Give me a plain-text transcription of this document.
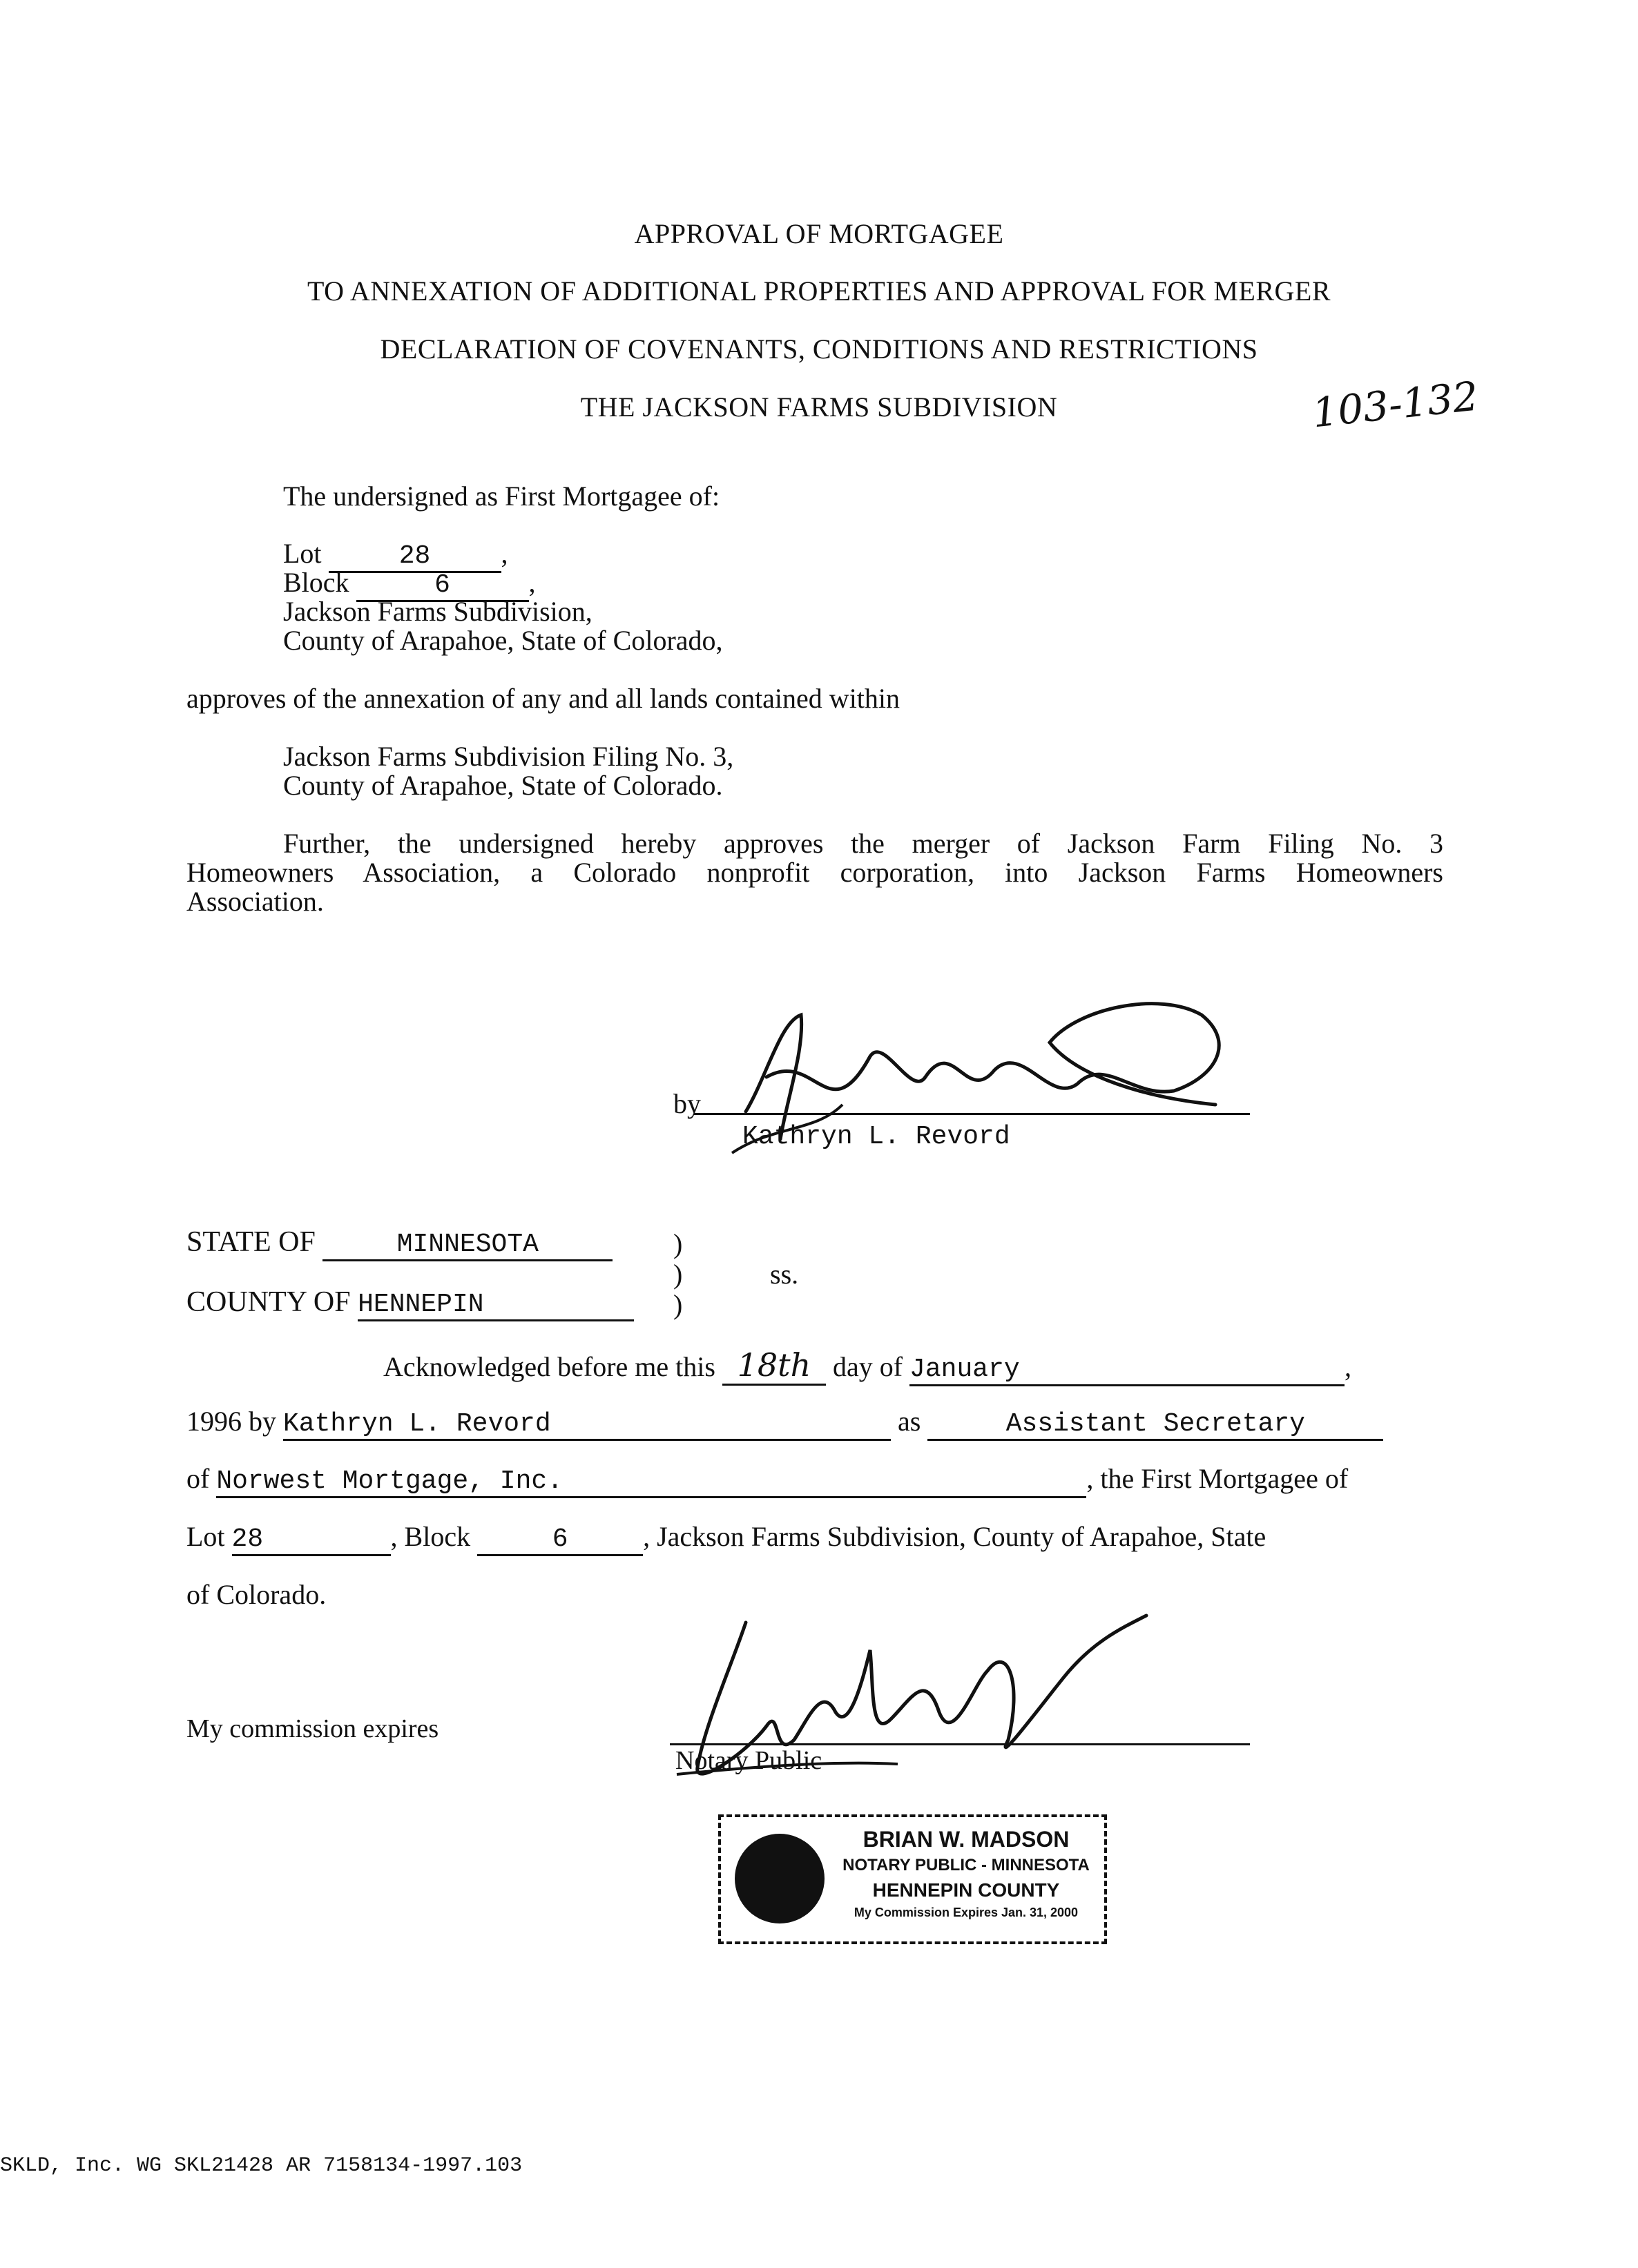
APPROVAL OF MORTGAGEE
TO ANNEXATION OF ADDITIONAL PROPERTIES AND APPROVAL FOR MERGER
DECLARATION OF COVENANTS, CONDITIONS AND RESTRICTIONS
THE JACKSON FARMS SUBDIVISION	103-132
The undersigned as First Mortgagee of:
Lot	28	,
Block	6	,
Jackson Farms Subdivision,
County of Arapahoe, State of Colorado,
approves of the annexation of any and all lands contained within
Jackson Farms Subdivision Filing No. 3,
County of Arapahoe, State of Colorado.
Further, the undersigned hereby approves the merger of Jackson Farm Filing No. 3
Homeowners Association, a Colorado nonprofit corporation, into Jackson Farms Homeowners
Association.
by
Kathryn L. Revord
STATE OF	MINNESOTA	)
)
)
ss.
COUNTY OF HENNEPIN
Acknowledged before me this 18th day of January	,
1996 by Kathryn L. Revord	as	Assistant Secretary
of Norwest Mortgage, Inc.	, the First Mortgagee of
Lot 28	, Block	6	, Jackson Farms Subdivision, County of Arapahoe, State
of Colorado.
My commission expires
Notary Public
BRIAN W. MADSON
NOTARY PUBLIC - MINNESOTA
HENNEPIN COUNTY
My Commission Expires Jan. 31, 2000
SKLD, Inc. WG SKL21428 AR 7158134-1997.103
